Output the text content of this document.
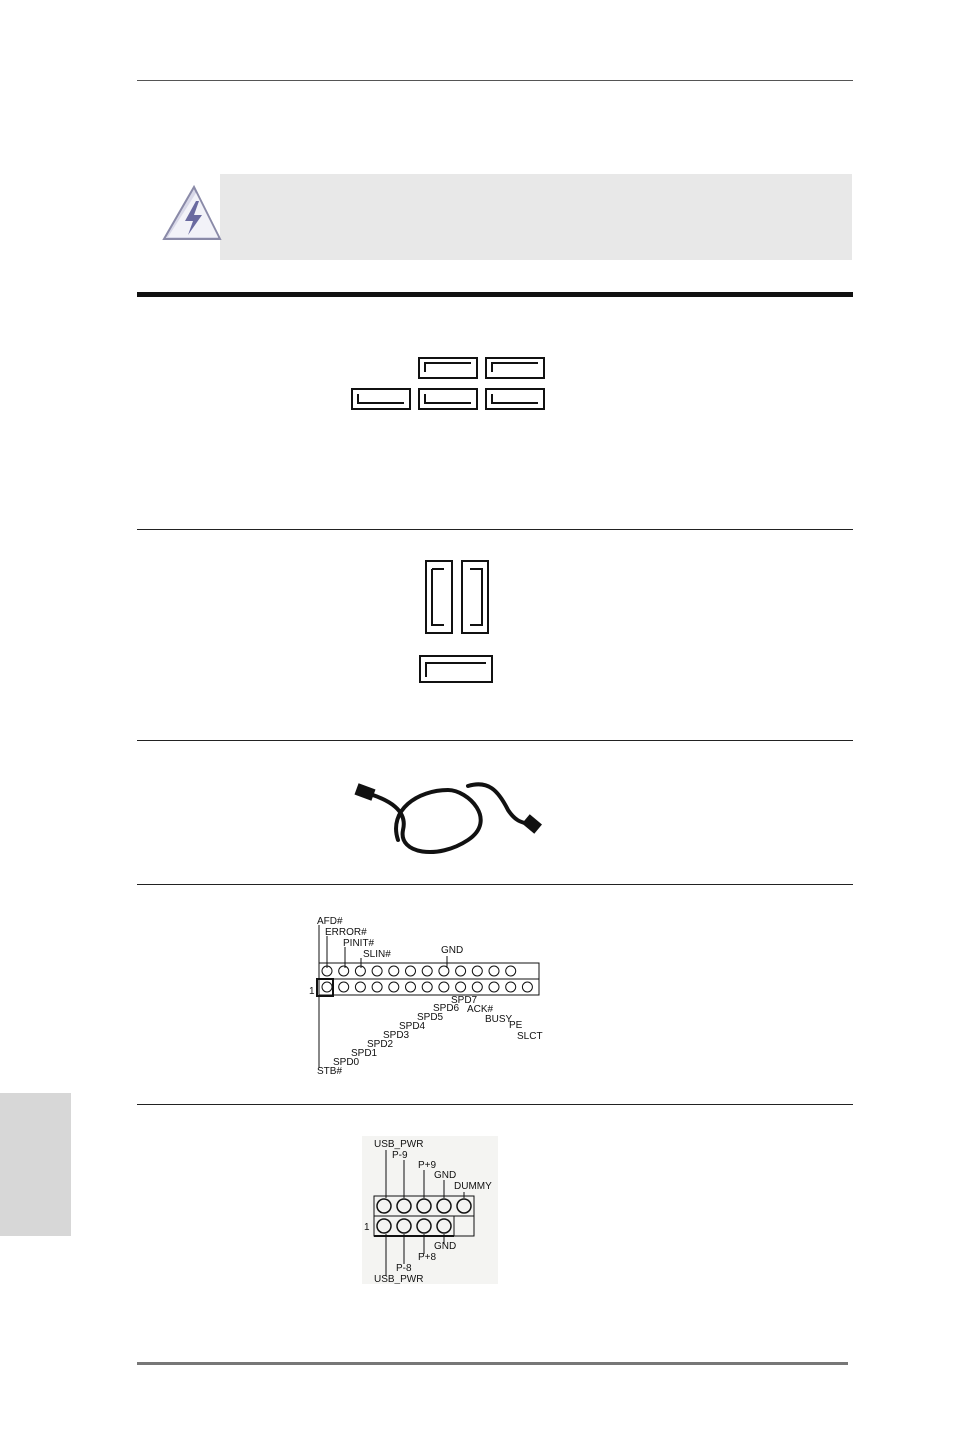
AFD#
ERROR#
PINIT#
SLIN#	GND
1
SPD7
ACK#
SPD6
SPD5	BUSY
SPD4	PE
SLCT
SPD3
SPD2
SPD1
SPD0
STB#
USB_PWR
P-9
P+9
GND
DUMMY
1
GND
P+8
P-8
USB_PWR
